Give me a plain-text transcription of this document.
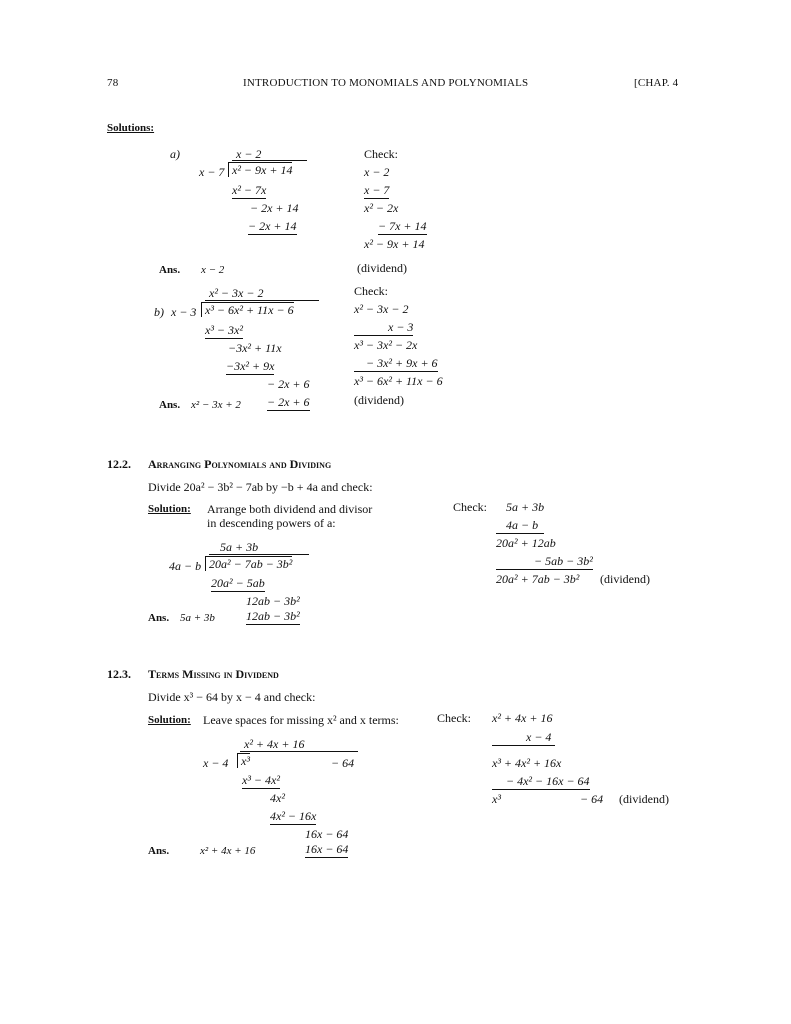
78	INTRODUCTION TO MONOMIALS AND POLYNOMIALS	[CHAP. 4
Solutions:
a)	x − 2
x − 7 x² − 9x + 14
x² − 7x
− 2x + 14
− 2x + 14
Check:
x − 2
x − 7
x² − 2x
− 7x + 14
x² − 9x + 14
(dividend)
Ans. x − 2
x² − 3x − 2
b) x − 3 x³ − 6x² + 11x − 6
x³ − 3x²
−3x² + 11x
−3x² + 9x
− 2x + 6
− 2x + 6
Check:
x² − 3x − 2
x − 3
x³ − 3x² − 2x
− 3x² + 9x + 6
x³ − 6x² + 11x − 6
(dividend)
Ans. x² − 3x + 2
12.2. Arranging Polynomials and Dividing
Divide 20a² − 3b² − 7ab by −b + 4a and check:
Solution: Arrange both dividend and divisor
in descending powers of a:
5a + 3b
4a − b 20a² − 7ab − 3b²
20a² − 5ab
12ab − 3b²
12ab − 3b²
Ans. 5a + 3b
Check: 5a + 3b
4a − b
20a² + 12ab
− 5ab − 3b²
20a² + 7ab − 3b² (dividend)
12.3. Terms Missing in Dividend
Divide x³ − 64 by x − 4 and check:
Solution: Leave spaces for missing x² and x terms:
x² + 4x + 16
x − 4	x³	− 64
x³ − 4x²
4x²
4x² − 16x
16x − 64
16x − 64
Ans.	x² + 4x + 16
Check: x² + 4x + 16
x − 4
x³ + 4x² + 16x
− 4x² − 16x − 64
x³	− 64 (dividend)
